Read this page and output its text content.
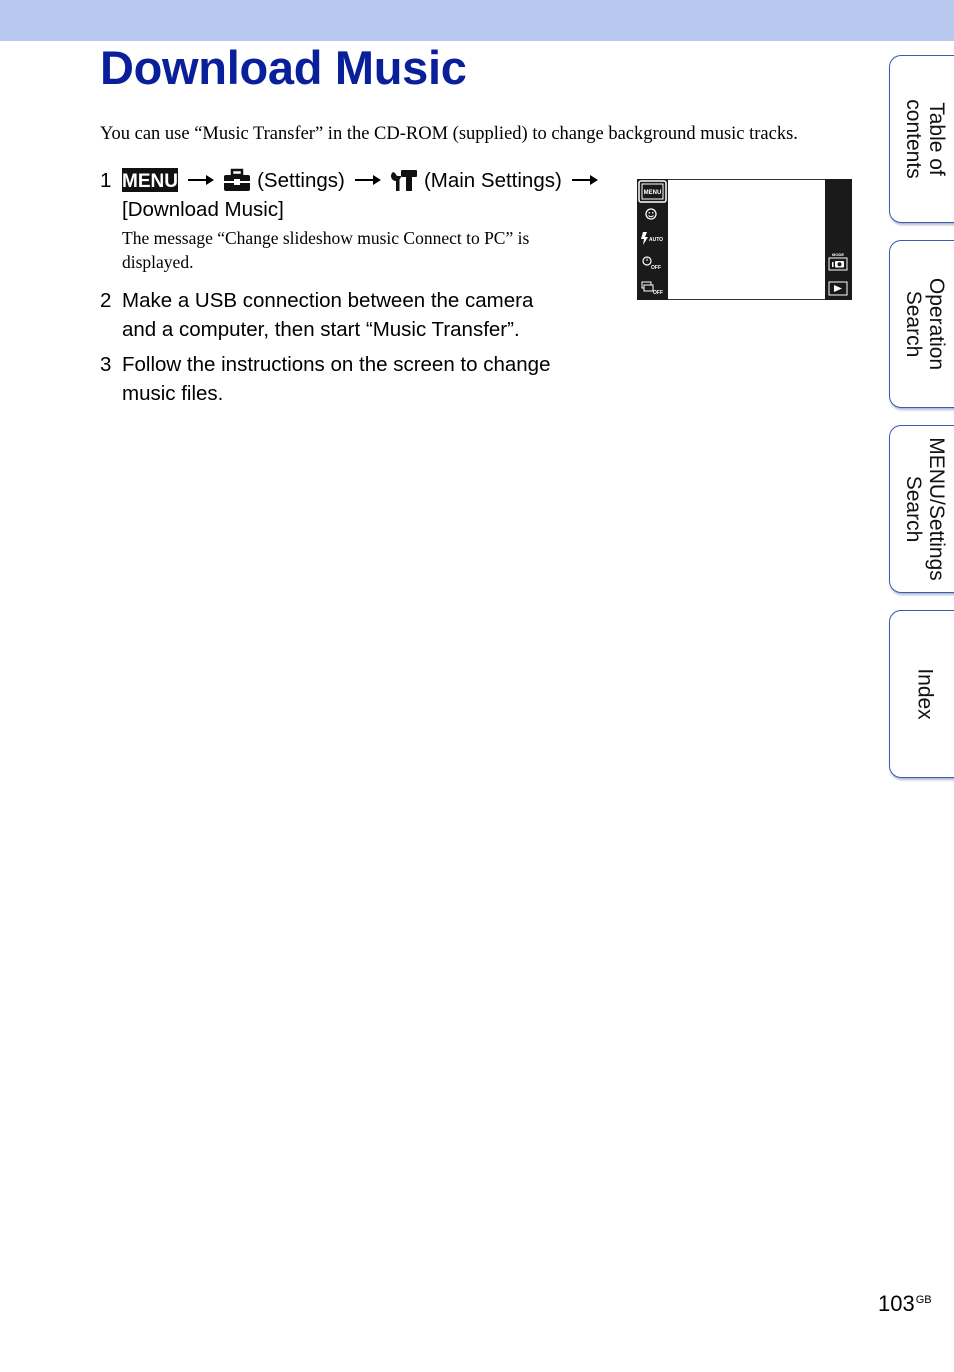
Download Music
You can use “Music Transfer” in the CD-ROM (supplied) to change background music tracks.
1 MENU	(Settings)	(Main Settings)
[Download Music]
The message “Change slideshow music Connect to PC” is
displayed.
2 Make a USB connection between the camera
and a computer, then start “Music Transfer”.
3 Follow the instructions on the screen to change
music files.
MENU
AUTO
OFF
OFF
MODE
Table of
contents
Operation
Search
MENU/Settings
Search
Index
$103^{GB}$
